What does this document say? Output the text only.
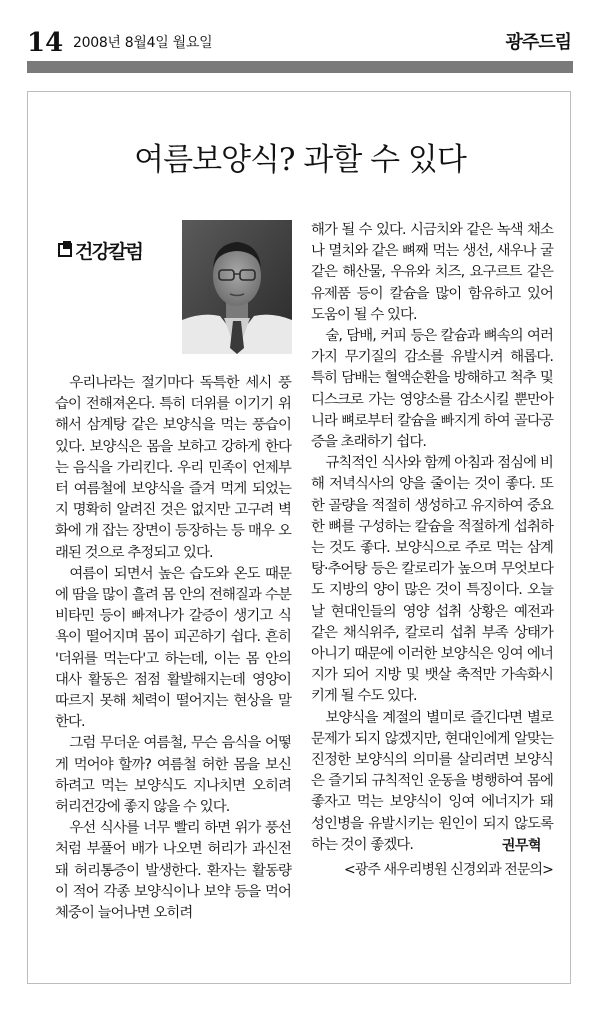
14 2008년 8월4일 월요일	광주드림
여름보양식? 과할 수 있다
건강칼럼

우리나라는 절기마다 독특한 세시 풍습이 전해져온다. 특히 더위를 이기기 위해서 삼계탕 같은 보양식을 먹는 풍습이 있다. 보양식은 몸을 보하고 강하게 한다는 음식을 가리킨다. 우리 민족이 언제부터 여름철에 보양식을 즐겨 먹게 되었는지 명확히 알려진 것은 없지만 고구려 벽화에 개 잡는 장면이 등장하는 등 매우 오래된 것으로 추정되고 있다.

여름이 되면서 높은 습도와 온도 때문에 땀을 많이 흘려 몸 안의 전해질과 수분 비타민 등이 빠져나가 갈증이 생기고 식욕이 떨어지며 몸이 피곤하기 쉽다. 흔히 '더위를 먹는다'고 하는데, 이는 몸 안의 대사 활동은 점점 활발해지는데 영양이 따르지 못해 체력이 떨어지는 현상을 말한다.

그럼 무더운 여름철, 무슨 음식을 어떻게 먹어야 할까? 여름철 허한 몸을 보신하려고 먹는 보양식도 지나치면 오히려 허리건강에 좋지 않을 수 있다.

우선 식사를 너무 빨리 하면 위가 풍선처럼 부풀어 배가 나오면 허리가 과신전돼 허리통증이 발생한다. 환자는 활동량이 적어 각종 보양식이나 보약 등을 먹어 체중이 늘어나면 오히려

해가 될 수 있다. 시금치와 같은 녹색 채소나 멸치와 같은 뼈째 먹는 생선, 새우나 굴 같은 해산물, 우유와 치즈, 요구르트 같은 유제품 등이 칼슘을 많이 함유하고 있어 도움이 될 수 있다.

술, 담배, 커피 등은 칼슘과 뼈속의 여러 가지 무기질의 감소를 유발시켜 해롭다. 특히 담배는 혈액순환을 방해하고 척추 및 디스크로 가는 영양소를 감소시킬 뿐만아니라 뼈로부터 칼슘을 빠지게 하여 골다공증을 초래하기 쉽다.

규칙적인 식사와 함께 아침과 점심에 비해 저녁식사의 양을 줄이는 것이 좋다. 또한 골량을 적절히 생성하고 유지하여 중요한 뼈를 구성하는 칼슘을 적절하게 섭취하는 것도 좋다. 보양식으로 주로 먹는 삼계탕·추어탕 등은 칼로리가 높으며 무엇보다도 지방의 양이 많은 것이 특징이다. 오늘날 현대인들의 영양 섭취 상황은 예전과 같은 채식위주, 칼로리 섭취 부족 상태가 아니기 때문에 이러한 보양식은 잉여 에너지가 되어 지방 및 뱃살 축적만 가속화시키게 될 수도 있다.

보양식을 계절의 별미로 즐긴다면 별로 문제가 되지 않겠지만, 현대인에게 알맞는 진정한 보양식의 의미를 살리려면 보양식은 즐기되 규칙적인 운동을 병행하여 몸에 좋자고 먹는 보양식이 잉여 에너지가 돼 성인병을 유발시키는 원인이 되지 않도록 하는 것이 좋겠다.	권무혁
<광주 새우리병원 신경외과 전문의>
